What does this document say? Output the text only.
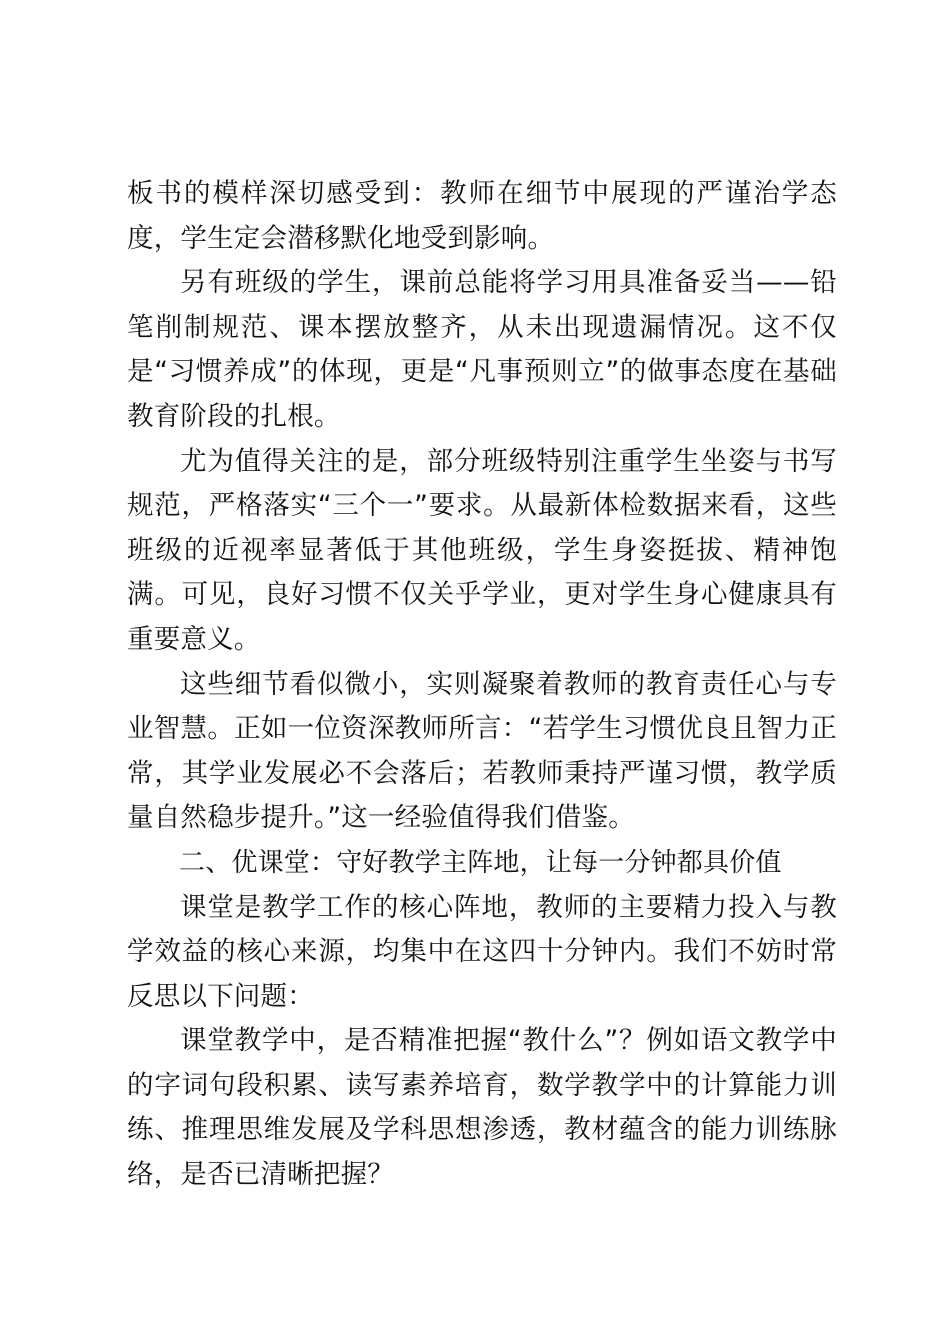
板书的模样深切感受到：教师在细节中展现的严谨治学态度，学生定会潜移默化地受到影响。

另有班级的学生，课前总能将学习用具准备妥当——铅笔削制规范、课本摆放整齐，从未出现遗漏情况。这不仅是“习惯养成”的体现，更是“凡事预则立”的做事态度在基础教育阶段的扎根。

尤为值得关注的是，部分班级特别注重学生坐姿与书写规范，严格落实“三个一”要求。从最新体检数据来看，这些班级的近视率显著低于其他班级，学生身姿挺拔、精神饱满。可见，良好习惯不仅关乎学业，更对学生身心健康具有重要意义。

这些细节看似微小，实则凝聚着教师的教育责任心与专业智慧。正如一位资深教师所言：“若学生习惯优良且智力正常，其学业发展必不会落后；若教师秉持严谨习惯，教学质量自然稳步提升。”这一经验值得我们借鉴。

二、优课堂：守好教学主阵地，让每一分钟都具价值

课堂是教学工作的核心阵地，教师的主要精力投入与教学效益的核心来源，均集中在这四十分钟内。我们不妨时常反思以下问题：

课堂教学中，是否精准把握“教什么”？例如语文教学中的字词句段积累、读写素养培育，数学教学中的计算能力训练、推理思维发展及学科思想渗透，教材蕴含的能力训练脉络，是否已清晰把握？
